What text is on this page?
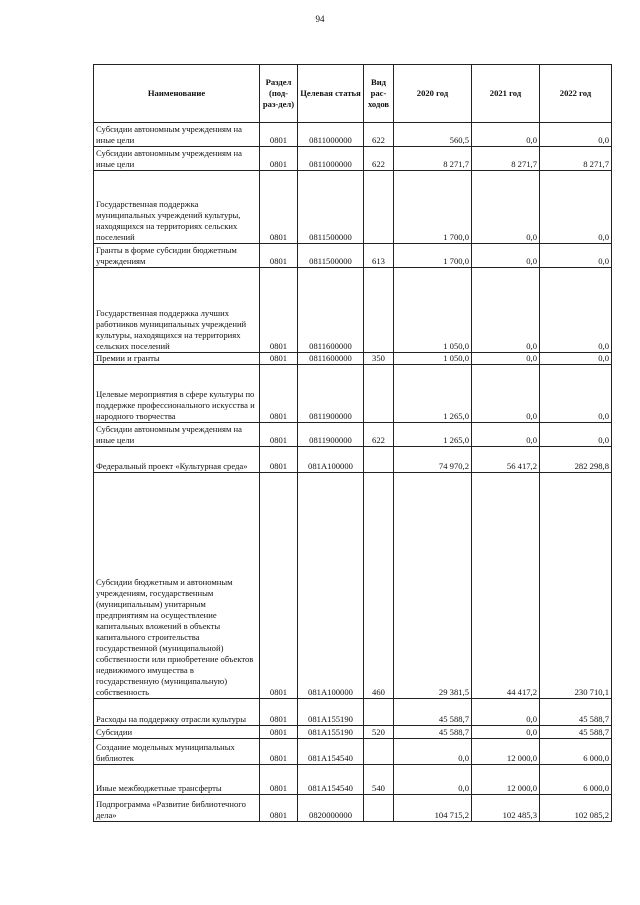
94
Наименование	Раздел (под-раз-дел)	Целевая статья	Вид рас-ходов	2020 год	2021 год	2022 год
Субсидии автономным учреждениям на иные цели	0801	0811000000	622	560,5	0,0	0,0
Субсидии автономным учреждениям на иные цели	0801	0811000000	622	8 271,7	8 271,7	8 271,7
Государственная поддержка муниципальных учреждений культуры, находящихся на территориях сельских поселений	0801	0811500000		1 700,0	0,0	0,0
Гранты в форме субсидии бюджетным учреждениям	0801	0811500000	613	1 700,0	0,0	0,0
Государственная поддержка лучших работников муниципальных учреждений культуры, находящихся на территориях сельских поселений	0801	0811600000		1 050,0	0,0	0,0
Премии и гранты	0801	0811600000	350	1 050,0	0,0	0,0
Целевые мероприятия в сфере культуры по поддержке профессионального искусства и народного творчества	0801	0811900000		1 265,0	0,0	0,0
Субсидии автономным учреждениям на иные цели	0801	0811900000	622	1 265,0	0,0	0,0
Федеральный проект «Культурная среда»	0801	081A100000		74 970,2	56 417,2	282 298,8
Субсидии бюджетным и автономным учреждениям, государственным (муниципальным) унитарным предприятиям на осуществление капитальных вложений в объекты капитального строительства государственной (муниципальной) собственности или приобретение объектов недвижимого имущества в государственную (муниципальную) собственность	0801	081A100000	460	29 381,5	44 417,2	230 710,1
Расходы на поддержку отрасли культуры	0801	081A155190		45 588,7	0,0	45 588,7
Субсидии	0801	081A155190	520	45 588,7	0,0	45 588,7
Создание модельных муниципальных библиотек	0801	081A154540		0,0	12 000,0	6 000,0
Иные межбюджетные трансферты	0801	081A154540	540	0,0	12 000,0	6 000,0
Подпрограмма «Развитие библиотечного дела»	0801	0820000000		104 715,2	102 485,3	102 085,2
